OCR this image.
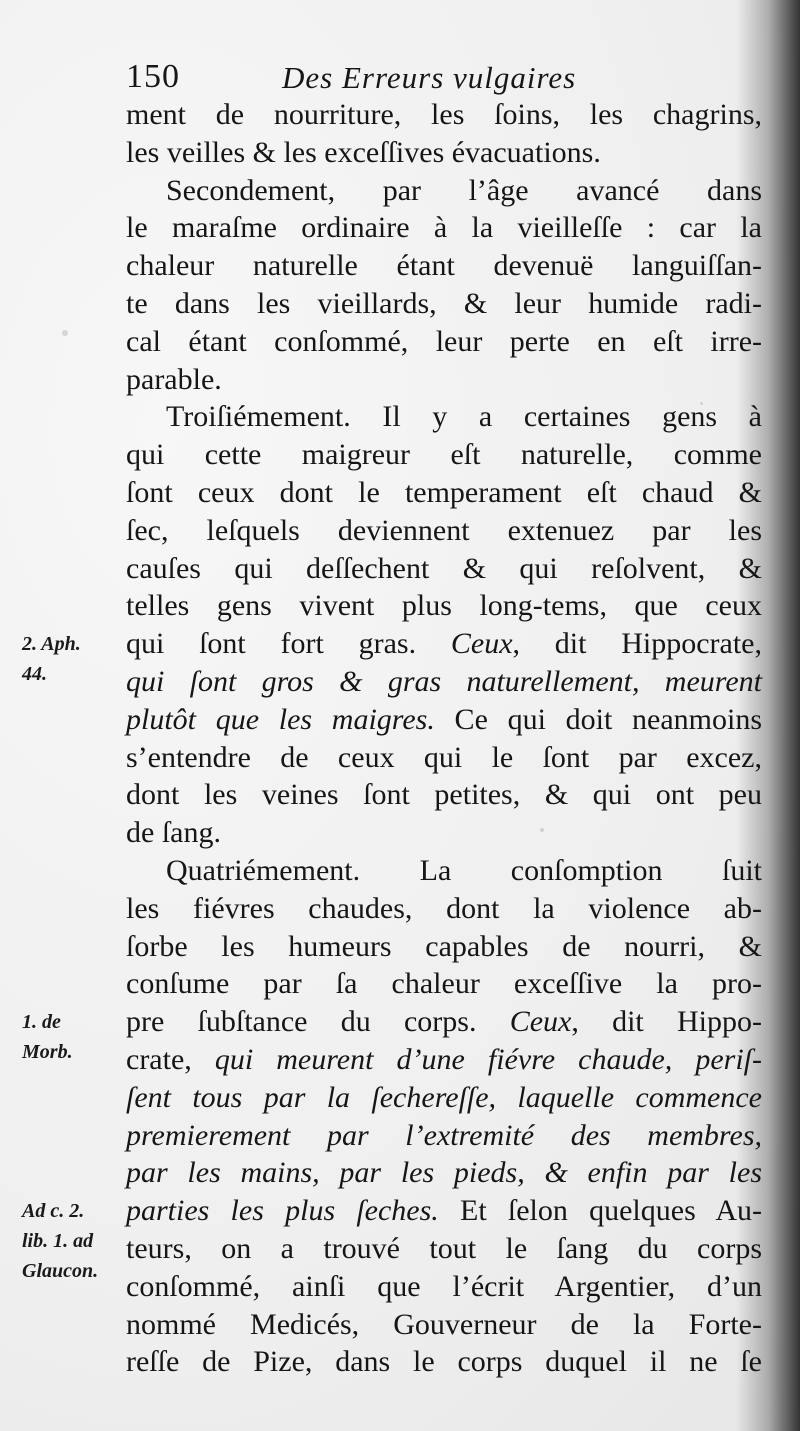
150	Des Erreurs vulgaires
ment de nourriture, les ſoins, les chagrins,
les veilles & les exceſſives évacuations.
Secondement, par l’âge avancé dans
le maraſme ordinaire à la vieilleſſe : car la
chaleur naturelle étant devenuë languiſſan-
te dans les vieillards, & leur humide radi-
cal étant conſommé, leur perte en eſt irre-
parable.
Troiſiémement. Il y a certaines gens à
qui cette maigreur eſt naturelle, comme
ſont ceux dont le temperament eſt chaud &
ſec, leſquels deviennent extenuez par les
cauſes qui deſſechent & qui reſolvent, &
telles gens vivent plus long-tems, que ceux
qui ſont fort gras. Ceux, dit Hippocrate,
qui ſont gros & gras naturellement, meurent
plutôt que les maigres. Ce qui doit neanmoins
s’entendre de ceux qui le ſont par excez,
dont les veines ſont petites, & qui ont peu
de ſang.
Quatriémement. La conſomption ſuit
les fiévres chaudes, dont la violence ab-
ſorbe les humeurs capables de nourri, &
conſume par ſa chaleur exceſſive la pro-
pre ſubſtance du corps. Ceux, dit Hippo-
crate, qui meurent d’une fiévre chaude, periſ-
ſent tous par la ſechereſſe, laquelle commence
premierement par l’extremité des membres,
par les mains, par les pieds, & enfin par les
parties les plus ſeches. Et ſelon quelques Au-
teurs, on a trouvé tout le ſang du corps
conſommé, ainſi que l’écrit Argentier, d’un
nommé Medicés, Gouverneur de la Forte-
reſſe de Pize, dans le corps duquel il ne ſe
2. Aph.
44.
1. de
Morb.
Ad c. 2.
lib. 1. ad
Glaucon.
